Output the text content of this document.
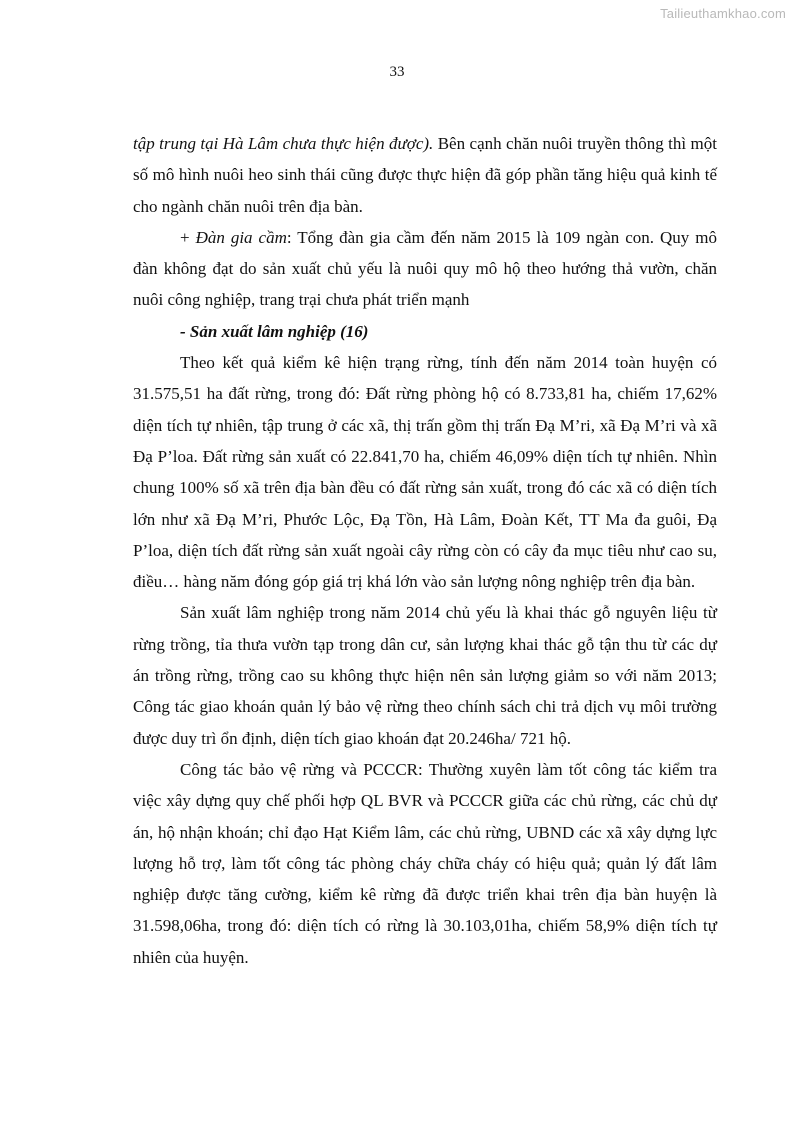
Tailieuthamkhao.com
33

tập trung tại Hà Lâm chưa thực hiện được). Bên cạnh chăn nuôi truyền thông thì một số mô hình nuôi heo sinh thái cũng được thực hiện đã góp phần tăng hiệu quả kinh tế cho ngành chăn nuôi trên địa bàn.

+ Đàn gia cầm: Tổng đàn gia cầm đến năm 2015 là 109 ngàn con. Quy mô đàn không đạt do sản xuất chủ yếu là nuôi quy mô hộ theo hướng thả vườn, chăn nuôi công nghiệp, trang trại chưa phát triển mạnh

- Sản xuất lâm nghiệp (16)

Theo kết quả kiểm kê hiện trạng rừng, tính đến năm 2014 toàn huyện có 31.575,51 ha đất rừng, trong đó: Đất rừng phòng hộ có 8.733,81 ha, chiếm 17,62% diện tích tự nhiên, tập trung ở các xã, thị trấn gồm thị trấn Đạ M’ri, xã Đạ M’ri và xã Đạ P’loa. Đất rừng sản xuất có 22.841,70 ha, chiếm 46,09% diện tích tự nhiên. Nhìn chung 100% số xã trên địa bàn đều có đất rừng sản xuất, trong đó các xã có diện tích lớn như xã Đạ M’ri, Phước Lộc, Đạ Tồn, Hà Lâm, Đoàn Kết, TT Ma đa guôi, Đạ P’loa, diện tích đất rừng sản xuất ngoài cây rừng còn có cây đa mục tiêu như cao su, điều… hàng năm đóng góp giá trị khá lớn vào sản lượng nông nghiệp trên địa bàn.

Sản xuất lâm nghiệp trong năm 2014 chủ yếu là khai thác gỗ nguyên liệu từ rừng trồng, tỉa thưa vườn tạp trong dân cư, sản lượng khai thác gỗ tận thu từ các dự án trồng rừng, trồng cao su không thực hiện nên sản lượng giảm so với năm 2013; Công tác giao khoán quản lý bảo vệ rừng theo chính sách chi trả dịch vụ môi trường được duy trì ổn định, diện tích giao khoán đạt 20.246ha/ 721 hộ.

Công tác bảo vệ rừng và PCCCR: Thường xuyên làm tốt công tác kiểm tra việc xây dựng quy chế phối hợp QL BVR và PCCCR giữa các chủ rừng, các chủ dự án, hộ nhận khoán; chỉ đạo Hạt Kiểm lâm, các chủ rừng, UBND các xã xây dựng lực lượng hỗ trợ, làm tốt công tác phòng cháy chữa cháy có hiệu quả; quản lý đất lâm nghiệp được tăng cường, kiểm kê rừng đã được triển khai trên địa bàn huyện là 31.598,06ha, trong đó: diện tích có rừng là 30.103,01ha, chiếm 58,9% diện tích tự nhiên của huyện.
